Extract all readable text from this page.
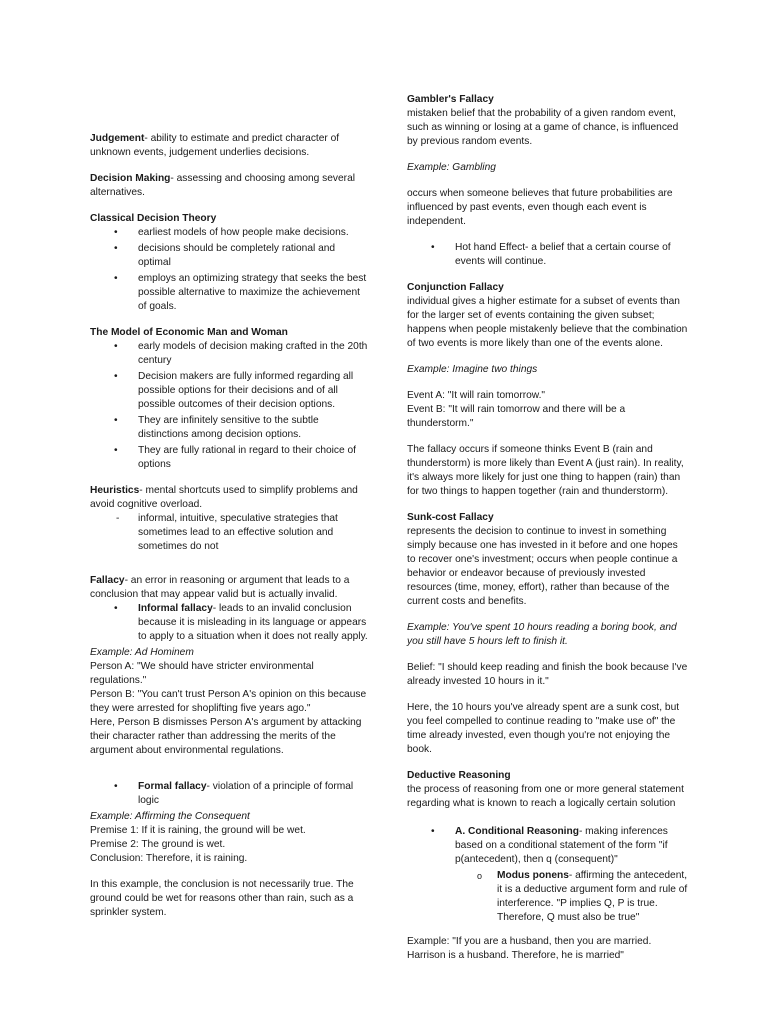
Judgement- ability to estimate and predict character of unknown events, judgement underlies decisions.

Decision Making- assessing and choosing among several alternatives.

Classical Decision Theory

• earliest models of how people make decisions.
• decisions should be completely rational and optimal
• employs an optimizing strategy that seeks the best possible alternative to maximize the achievement of goals.

The Model of Economic Man and Woman

• early models of decision making crafted in the 20th century
• Decision makers are fully informed regarding all possible options for their decisions and of all possible outcomes of their decision options.
• They are infinitely sensitive to the subtle distinctions among decision options.
• They are fully rational in regard to their choice of options

Heuristics- mental shortcuts used to simplify problems and avoid cognitive overload.

- informal, intuitive, speculative strategies that sometimes lead to an effective solution and sometimes do not

Fallacy- an error in reasoning or argument that leads to a conclusion that may appear valid but is actually invalid.

• Informal fallacy- leads to an invalid conclusion because it is misleading in its language or appears to apply to a situation when it does not really apply.

Example: Ad Hominem

Person A: "We should have stricter environmental regulations."

Person B: "You can't trust Person A's opinion on this because they were arrested for shoplifting five years ago."

Here, Person B dismisses Person A's argument by attacking their character rather than addressing the merits of the argument about environmental regulations.

• Formal fallacy- violation of a principle of formal logic

Example: Affirming the Consequent

Premise 1: If it is raining, the ground will be wet.

Premise 2: The ground is wet.

Conclusion: Therefore, it is raining.

In this example, the conclusion is not necessarily true. The ground could be wet for reasons other than rain, such as a sprinkler system.

Gambler's Fallacy

mistaken belief that the probability of a given random event, such as winning or losing at a game of chance, is influenced by previous random events.

Example: Gambling

occurs when someone believes that future probabilities are influenced by past events, even though each event is independent.

• Hot hand Effect- a belief that a certain course of events will continue.

Conjunction Fallacy

individual gives a higher estimate for a subset of events than for the larger set of events containing the given subset; happens when people mistakenly believe that the combination of two events is more likely than one of the events alone.

Example: Imagine two things

Event A: "It will rain tomorrow."

Event B: "It will rain tomorrow and there will be a thunderstorm."

The fallacy occurs if someone thinks Event B (rain and thunderstorm) is more likely than Event A (just rain). In reality, it's always more likely for just one thing to happen (rain) than for two things to happen together (rain and thunderstorm).

Sunk-cost Fallacy

represents the decision to continue to invest in something simply because one has invested in it before and one hopes to recover one's investment; occurs when people continue a behavior or endeavor because of previously invested resources (time, money, effort), rather than because of the current costs and benefits.

Example: You've spent 10 hours reading a boring book, and you still have 5 hours left to finish it.

Belief: "I should keep reading and finish the book because I've already invested 10 hours in it."

Here, the 10 hours you've already spent are a sunk cost, but you feel compelled to continue reading to "make use of" the time already invested, even though you're not enjoying the book.

Deductive Reasoning

the process of reasoning from one or more general statement regarding what is known to reach a logically certain solution

• A. Conditional Reasoning- making inferences based on a conditional statement of the form "if p(antecedent), then q (consequent)"
o Modus ponens- affirming the antecedent, it is a deductive argument form and rule of interference. "P implies Q, P is true. Therefore, Q must also be true"

Example: "If you are a husband, then you are married. Harrison is a husband. Therefore, he is married"
